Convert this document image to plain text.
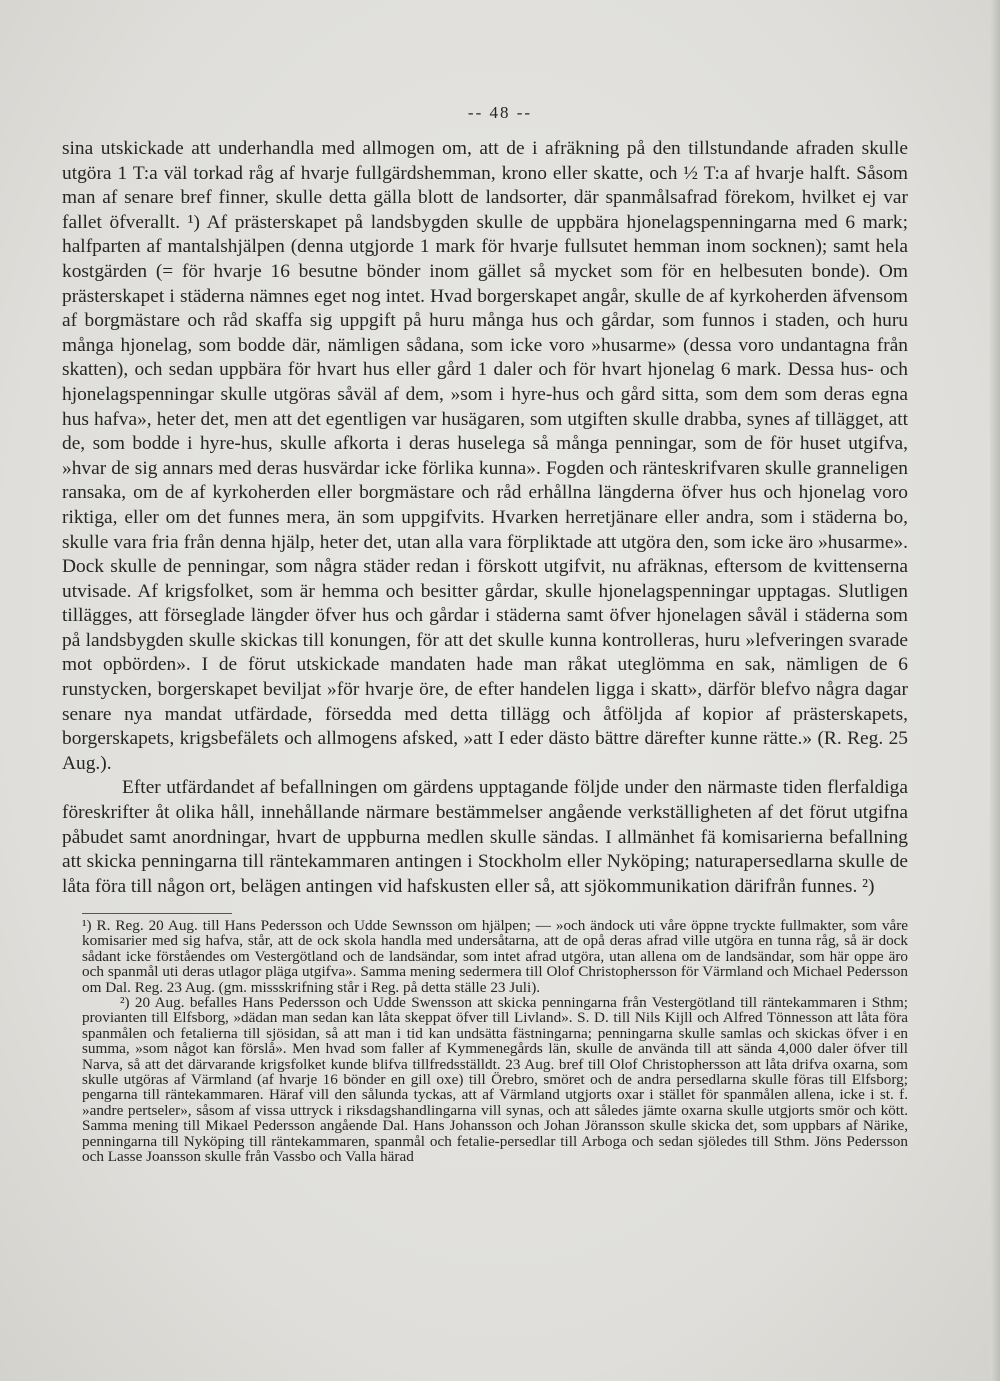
-- 48 --

sina utskickade att underhandla med allmogen om, att de i afräkning på den tillstundande afraden skulle utgöra 1 T:a väl torkad råg af hvarje fullgärdshemman, krono eller skatte, och ½ T:a af hvarje halft. Såsom man af senare bref finner, skulle detta gälla blott de landsorter, där spanmålsafrad förekom, hvilket ej var fallet öfverallt. ¹) Af prästerskapet på landsbygden skulle de uppbära hjonelagspenningarna med 6 mark; halfparten af mantalshjälpen (denna utgjorde 1 mark för hvarje fullsutet hemman inom socknen); samt hela kostgärden (= för hvarje 16 besutne bönder inom gället så mycket som för en helbesuten bonde). Om prästerskapet i städerna nämnes eget nog intet. Hvad borgerskapet angår, skulle de af kyrkoherden äfvensom af borgmästare och råd skaffa sig uppgift på huru många hus och gårdar, som funnos i staden, och huru många hjonelag, som bodde där, nämligen sådana, som icke voro »husarme» (dessa voro undantagna från skatten), och sedan uppbära för hvart hus eller gård 1 daler och för hvart hjonelag 6 mark. Dessa hus- och hjonelagspenningar skulle utgöras såväl af dem, »som i hyre-hus och gård sitta, som dem som deras egna hus hafva», heter det, men att det egentligen var husägaren, som utgiften skulle drabba, synes af tillägget, att de, som bodde i hyre-hus, skulle afkorta i deras huselega så många penningar, som de för huset utgifva, »hvar de sig annars med deras husvärdar icke förlika kunna». Fogden och ränteskrifvaren skulle granneligen ransaka, om de af kyrkoherden eller borgmästare och råd erhållna längderna öfver hus och hjonelag voro riktiga, eller om det funnes mera, än som uppgifvits. Hvarken herretjänare eller andra, som i städerna bo, skulle vara fria från denna hjälp, heter det, utan alla vara förpliktade att utgöra den, som icke äro »husarme». Dock skulle de penningar, som några städer redan i förskott utgifvit, nu afräknas, eftersom de kvittenserna utvisade. Af krigsfolket, som är hemma och besitter gårdar, skulle hjonelagspenningar upptagas. Slutligen tillägges, att förseglade längder öfver hus och gårdar i städerna samt öfver hjonelagen såväl i städerna som på landsbygden skulle skickas till konungen, för att det skulle kunna kontrolleras, huru »lefveringen svarade mot opbörden». I de förut utskickade mandaten hade man råkat uteglömma en sak, nämligen de 6 runstycken, borgerskapet beviljat »för hvarje öre, de efter handelen ligga i skatt», därför blefvo några dagar senare nya mandat utfärdade, försedda med detta tillägg och åtföljda af kopior af prästerskapets, borgerskapets, krigsbefälets och allmogens afsked, »att I eder dästo bättre därefter kunne rätte.» (R. Reg. 25 Aug.).

Efter utfärdandet af befallningen om gärdens upptagande följde under den närmaste tiden flerfaldiga föreskrifter åt olika håll, innehållande närmare bestämmelser angående verkställigheten af det förut utgifna påbudet samt anordningar, hvart de uppburna medlen skulle sändas. I allmänhet fä komisarierna befallning att skicka penningarna till räntekammaren antingen i Stockholm eller Nyköping; naturapersedlarna skulle de låta föra till någon ort, belägen antingen vid hafskusten eller så, att sjökommunikation därifrån funnes. ²)

¹) R. Reg. 20 Aug. till Hans Pedersson och Udde Sewnsson om hjälpen; — »och ändock uti våre öppne tryckte fullmakter, som våre komisarier med sig hafva, står, att de ock skola handla med undersåtarna, att de opå deras afrad ville utgöra en tunna råg, så är dock sådant icke förståendes om Vestergötland och de landsändar, som intet afrad utgöra, utan allena om de landsändar, som här oppe äro och spanmål uti deras utlagor pläga utgifva». Samma mening sedermera till Olof Christophersson för Värmland och Michael Pedersson om Dal. Reg. 23 Aug. (gm. missskrifning står i Reg. på detta ställe 23 Juli).

²) 20 Aug. befalles Hans Pedersson och Udde Swensson att skicka penningarna från Vestergötland till räntekammaren i Sthm; provianten till Elfsborg, »dädan man sedan kan låta skeppat öfver till Livland». S. D. till Nils Kijll och Alfred Tönnesson att låta föra spanmålen och fetalierna till sjösidan, så att man i tid kan undsätta fästningarna; penningarna skulle samlas och skickas öfver i en summa, »som något kan förslå». Men hvad som faller af Kymmenegårds län, skulle de använda till att sända 4,000 daler öfver till Narva, så att det därvarande krigsfolket kunde blifva tillfredsställdt. 23 Aug. bref till Olof Christophersson att låta drifva oxarna, som skulle utgöras af Värmland (af hvarje 16 bönder en gill oxe) till Örebro, smöret och de andra persedlarna skulle föras till Elfsborg; pengarna till räntekammaren. Häraf vill den sålunda tyckas, att af Värmland utgjorts oxar i stället för spanmålen allena, icke i st. f. »andre pertseler», såsom af vissa uttryck i riksdagshandlingarna vill synas, och att således jämte oxarna skulle utgjorts smör och kött. Samma mening till Mikael Pedersson angående Dal. Hans Johansson och Johan Jöransson skulle skicka det, som uppbars af Närike, penningarna till Nyköping till räntekammaren, spanmål och fetalie-persedlar till Arboga och sedan sjöledes till Sthm. Jöns Pedersson och Lasse Joansson skulle från Vassbo och Valla härad
